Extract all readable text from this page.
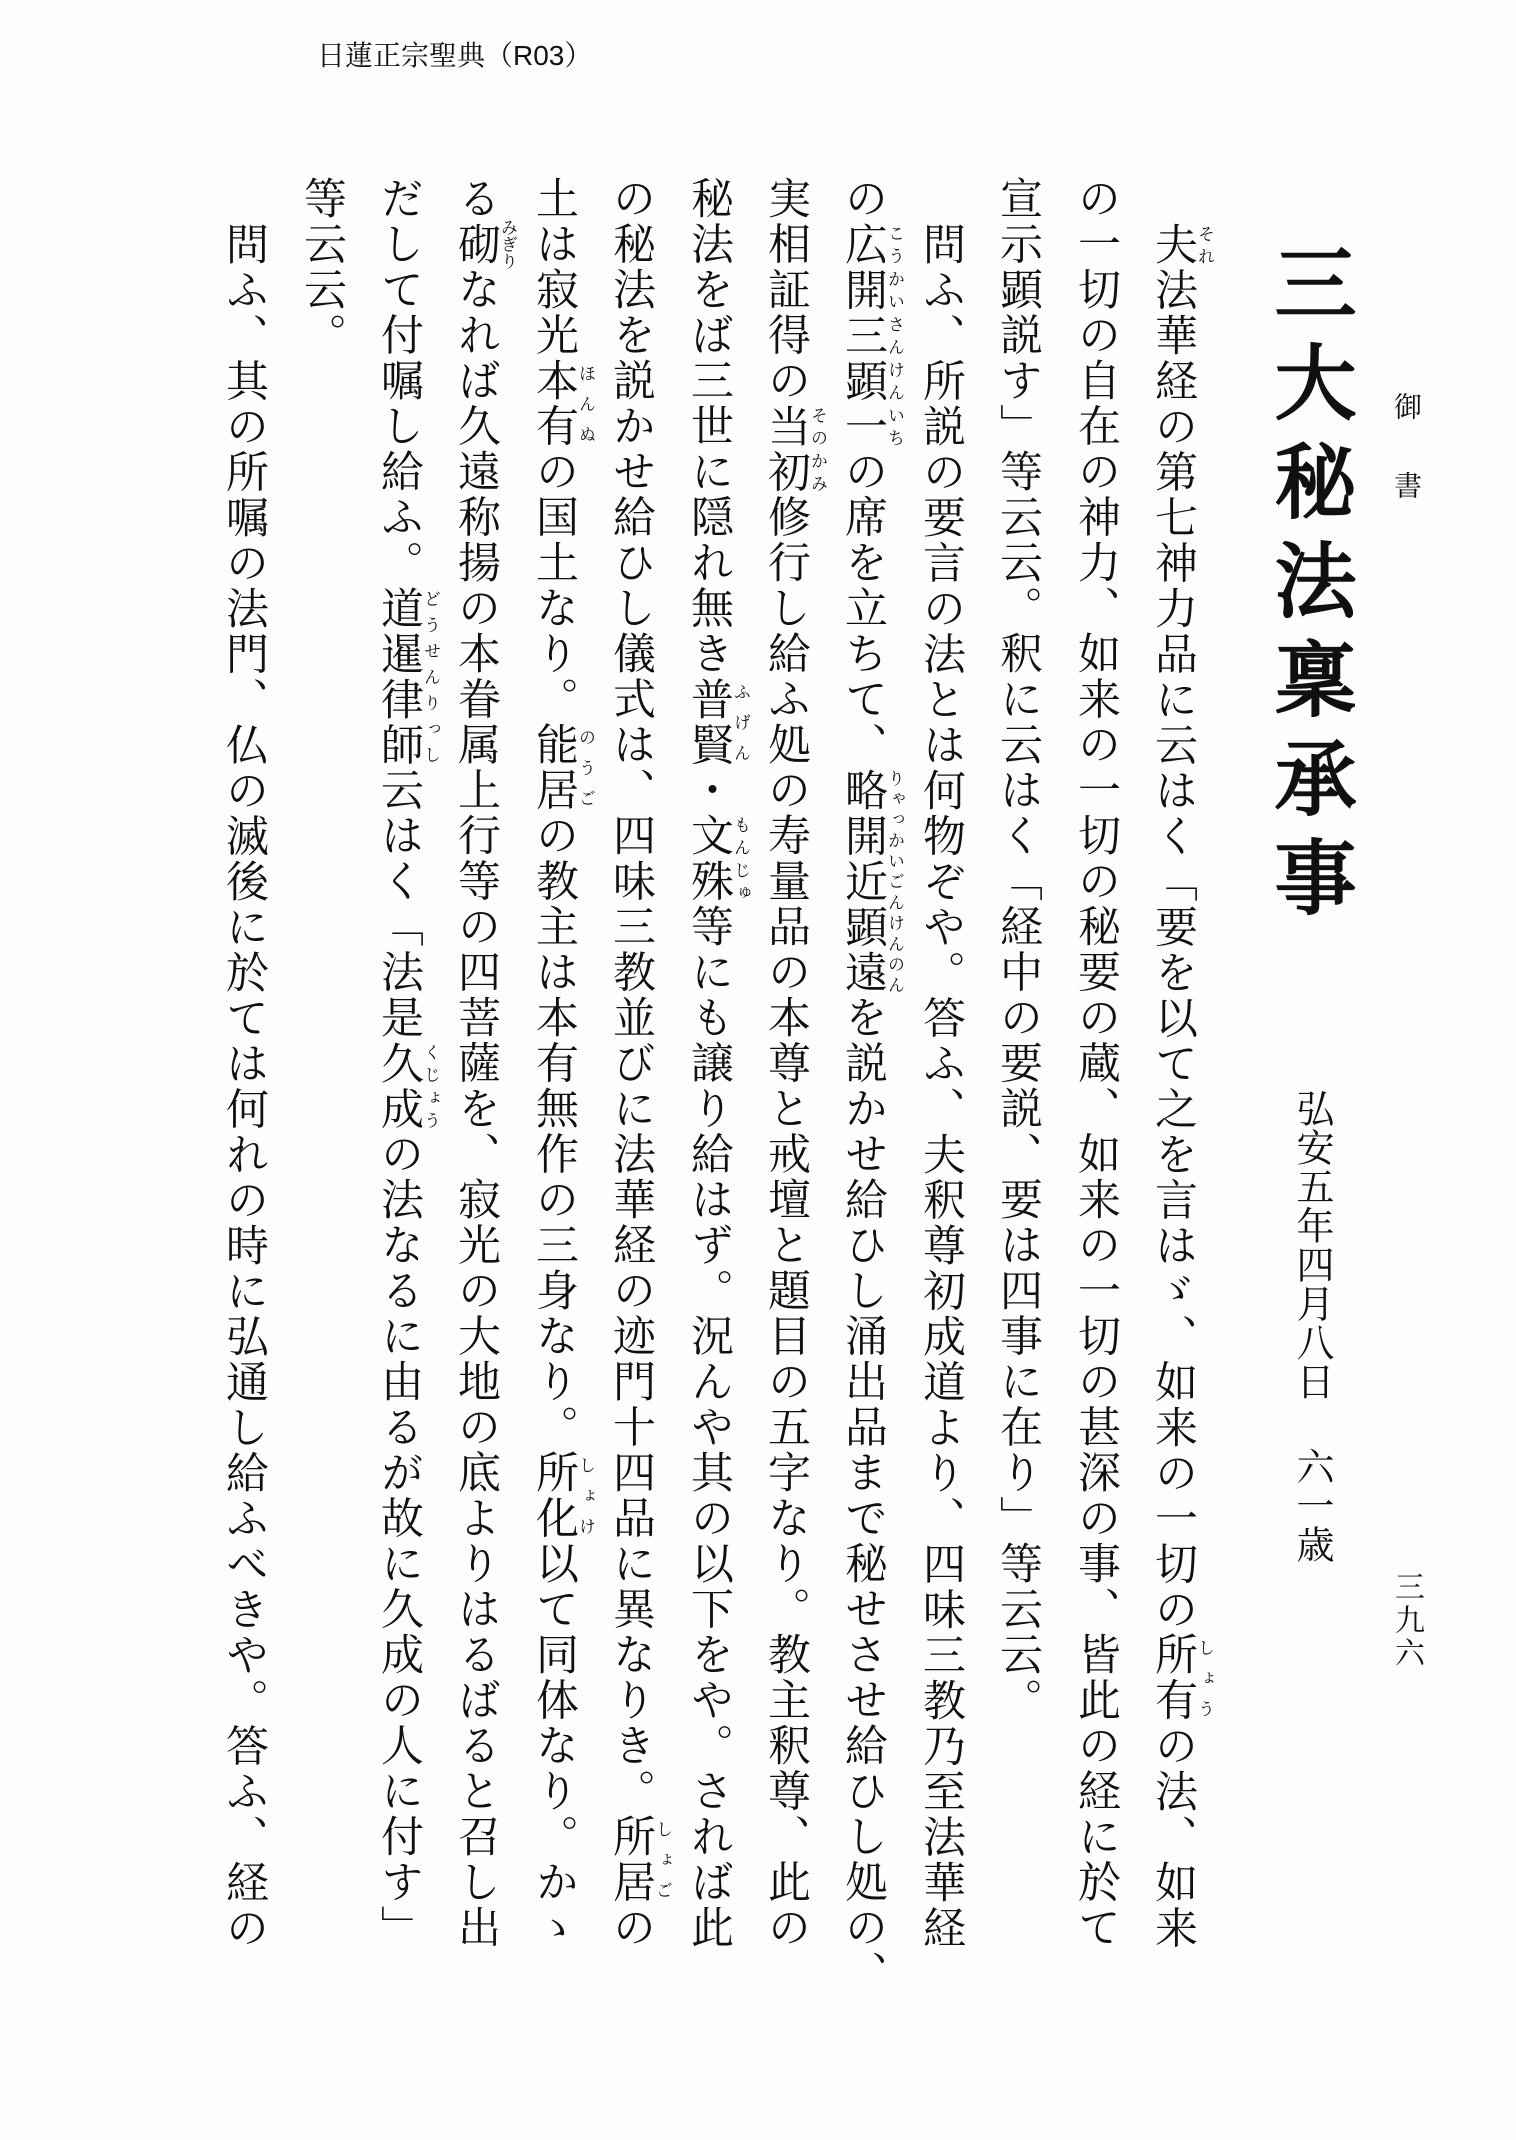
日蓮正宗聖典（R03）
御書
三大秘法稟承事
弘安五年四月八日
六一歳
三九六
夫それ法華経の第七神力品に云はく「要を以て之を言はゞ、如来の一切の所有しょうの法、如来
の一切の自在の神力、如来の一切の秘要の蔵、如来の一切の甚深の事、皆此の経に於て
宣示顕説す」等云云。釈に云はく「経中の要説、要は四事に在り」等云云。
問ふ、所説の要言の法とは何物ぞや。答ふ、夫釈尊初成道より、四味三教乃至法華経
の広開三顕一こうかいさんけんいちの席を立ちて、略開近顕遠りゃっかいごんけんのんを説かせ給ひし涌出品まで秘せさせ給ひし処の、
実相証得の当初そのかみ修行し給ふ処の寿量品の本尊と戒壇と題目の五字なり。教主釈尊、此の
秘法をば三世に隠れ無き普賢ふげん・文殊もんじゅ等にも譲り給はず。況んや其の以下をや。されば此
の秘法を説かせ給ひし儀式は、四味三教並びに法華経の迹門十四品に異なりき。所居しょごの
土は寂光本有ほんぬの国土なり。能居のうごの教主は本有無作の三身なり。所化しょけ以て同体なり。かゝ
る砌みぎりなれば久遠称揚の本眷属上行等の四菩薩を、寂光の大地の底よりはるばると召し出
だして付嘱し給ふ。道暹律師どうせんりっし云はく「法是久成くじょうの法なるに由るが故に久成の人に付す」
等云云。
問ふ、其の所嘱の法門、仏の滅後に於ては何れの時に弘通し給ふべきや。答ふ、経の
